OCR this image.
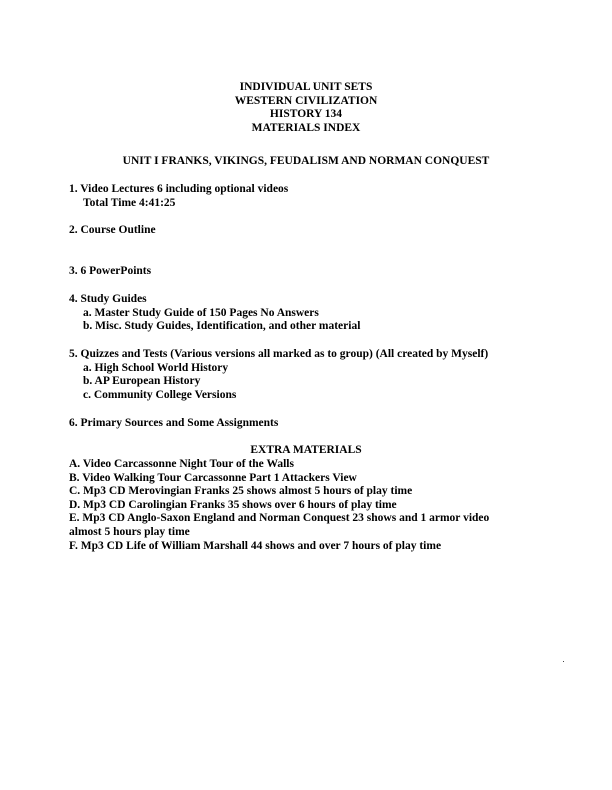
INDIVIDUAL UNIT SETS
WESTERN CIVILIZATION
HISTORY 134
MATERIALS INDEX
UNIT I FRANKS, VIKINGS, FEUDALISM AND NORMAN CONQUEST
1. Video Lectures 6 including optional videos
Total Time 4:41:25
2. Course Outline
3. 6 PowerPoints
4. Study Guides
a. Master Study Guide of 150 Pages No Answers
b. Misc. Study Guides, Identification, and other material
5. Quizzes and Tests (Various versions all marked as to group) (All created by Myself)
a. High School World History
b. AP European History
c. Community College Versions
6. Primary Sources and Some Assignments
EXTRA MATERIALS
A. Video Carcassonne Night Tour of the Walls
B. Video Walking Tour Carcassonne Part 1 Attackers View
C. Mp3 CD Merovingian Franks 25 shows almost 5 hours of play time
D. Mp3 CD Carolingian Franks 35 shows over 6 hours of play time
E. Mp3 CD Anglo-Saxon England and Norman Conquest 23 shows and 1 armor video
almost 5 hours play time
F. Mp3 CD Life of William Marshall 44 shows and over 7 hours of play time
